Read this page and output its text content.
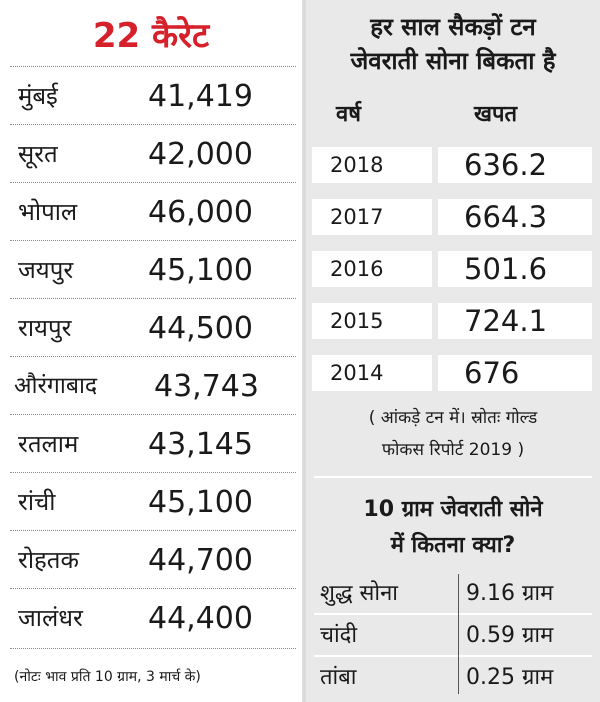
22 कैरेट
मुंबई	41,419
सूरत	42,000
भोपाल 46,000
जयपुर 45,100
रायपुर	44,500
औरंगाबाद 43,743
रतलाम 43,145
रांची	45,100
रोहतक 44,700
जालंधर 44,400
(नोटः भाव प्रति 10 ग्राम, 3 मार्च के)
हर साल सैकड़ों टन
जेवराती सोना बिकता है
वर्ष	खपत
2018	636.2
2017	664.3
2016	501.6
2015	724.1
2014	676
( आंकड़े टन में। स्रोतः गोल्ड
फोकस रिपोर्ट 2019 )
10 ग्राम जेवराती सोने
में कितना क्या?
शुद्ध सोना	9.16 ग्राम
चांदी	0.59 ग्राम
तांबा	0.25 ग्राम
